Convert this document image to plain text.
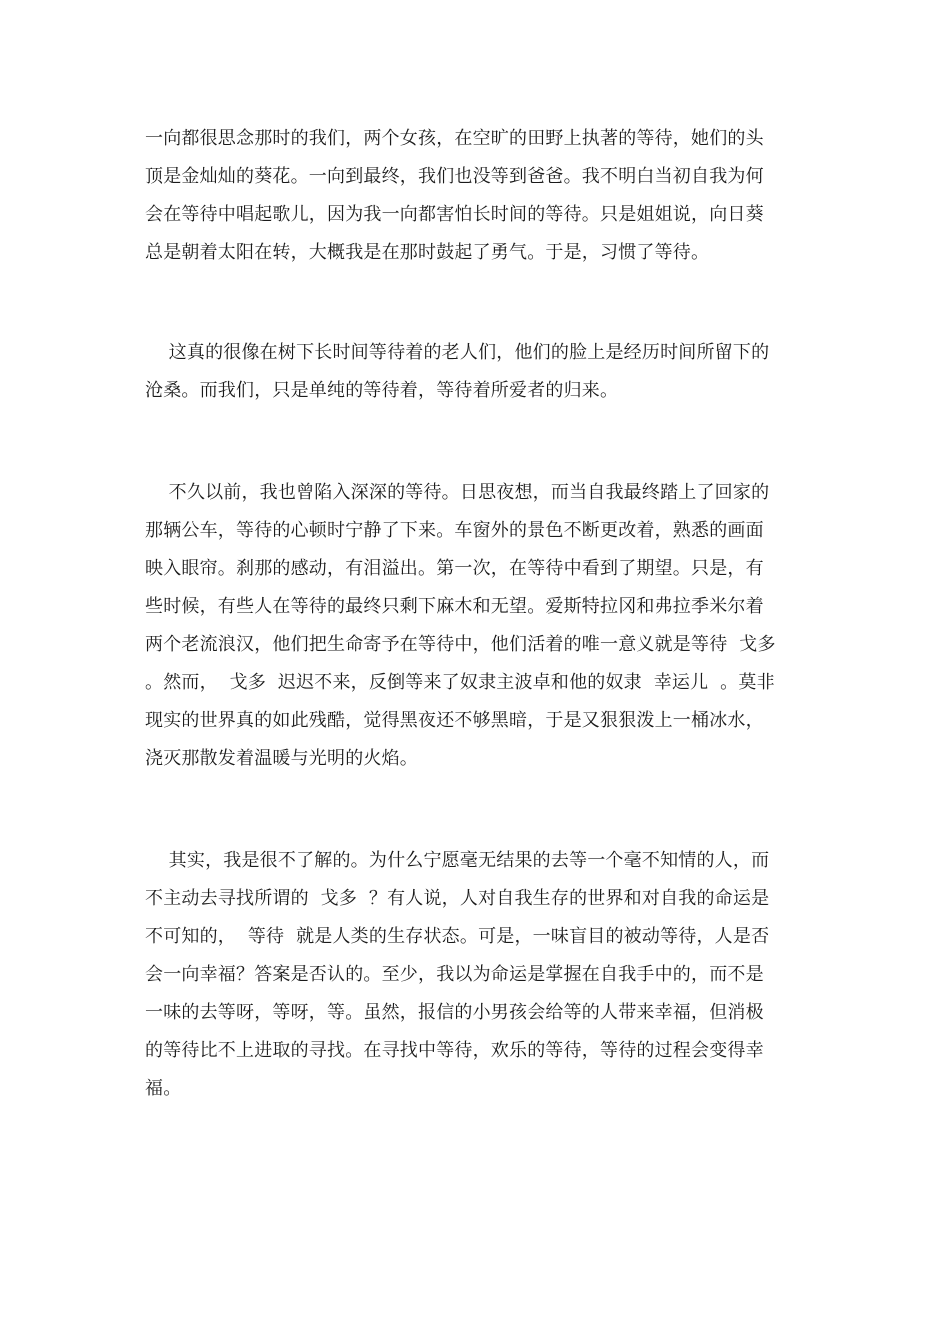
一向都很思念那时的我们，两个女孩，在空旷的田野上执著的等待，她们的头
顶是金灿灿的葵花。一向到最终，我们也没等到爸爸。我不明白当初自我为何
会在等待中唱起歌儿，因为我一向都害怕长时间的等待。只是姐姐说，向日葵
总是朝着太阳在转，大概我是在那时鼓起了勇气。于是，习惯了等待。
这真的很像在树下长时间等待着的老人们，他们的脸上是经历时间所留下的
沧桑。而我们，只是单纯的等待着，等待着所爱者的归来。
不久以前，我也曾陷入深深的等待。日思夜想，而当自我最终踏上了回家的
那辆公车，等待的心顿时宁静了下来。车窗外的景色不断更改着，熟悉的画面
映入眼帘。刹那的感动，有泪溢出。第一次，在等待中看到了期望。只是，有
些时候，有些人在等待的最终只剩下麻木和无望。爱斯特拉冈和弗拉季米尔着
两个老流浪汉，他们把生命寄予在等待中，他们活着的唯一意义就是等待  戈多
。然而，  戈多  迟迟不来，反倒等来了奴隶主波卓和他的奴隶  幸运儿  。莫非
现实的世界真的如此残酷，觉得黑夜还不够黑暗，于是又狠狠泼上一桶冰水，
浇灭那散发着温暖与光明的火焰。
其实，我是很不了解的。为什么宁愿毫无结果的去等一个毫不知情的人，而
不主动去寻找所谓的  戈多  ？有人说，人对自我生存的世界和对自我的命运是
不可知的，  等待  就是人类的生存状态。可是，一味盲目的被动等待，人是否
会一向幸福？答案是否认的。至少，我以为命运是掌握在自我手中的，而不是
一味的去等呀，等呀，等。虽然，报信的小男孩会给等的人带来幸福，但消极
的等待比不上进取的寻找。在寻找中等待，欢乐的等待，等待的过程会变得幸
福。
